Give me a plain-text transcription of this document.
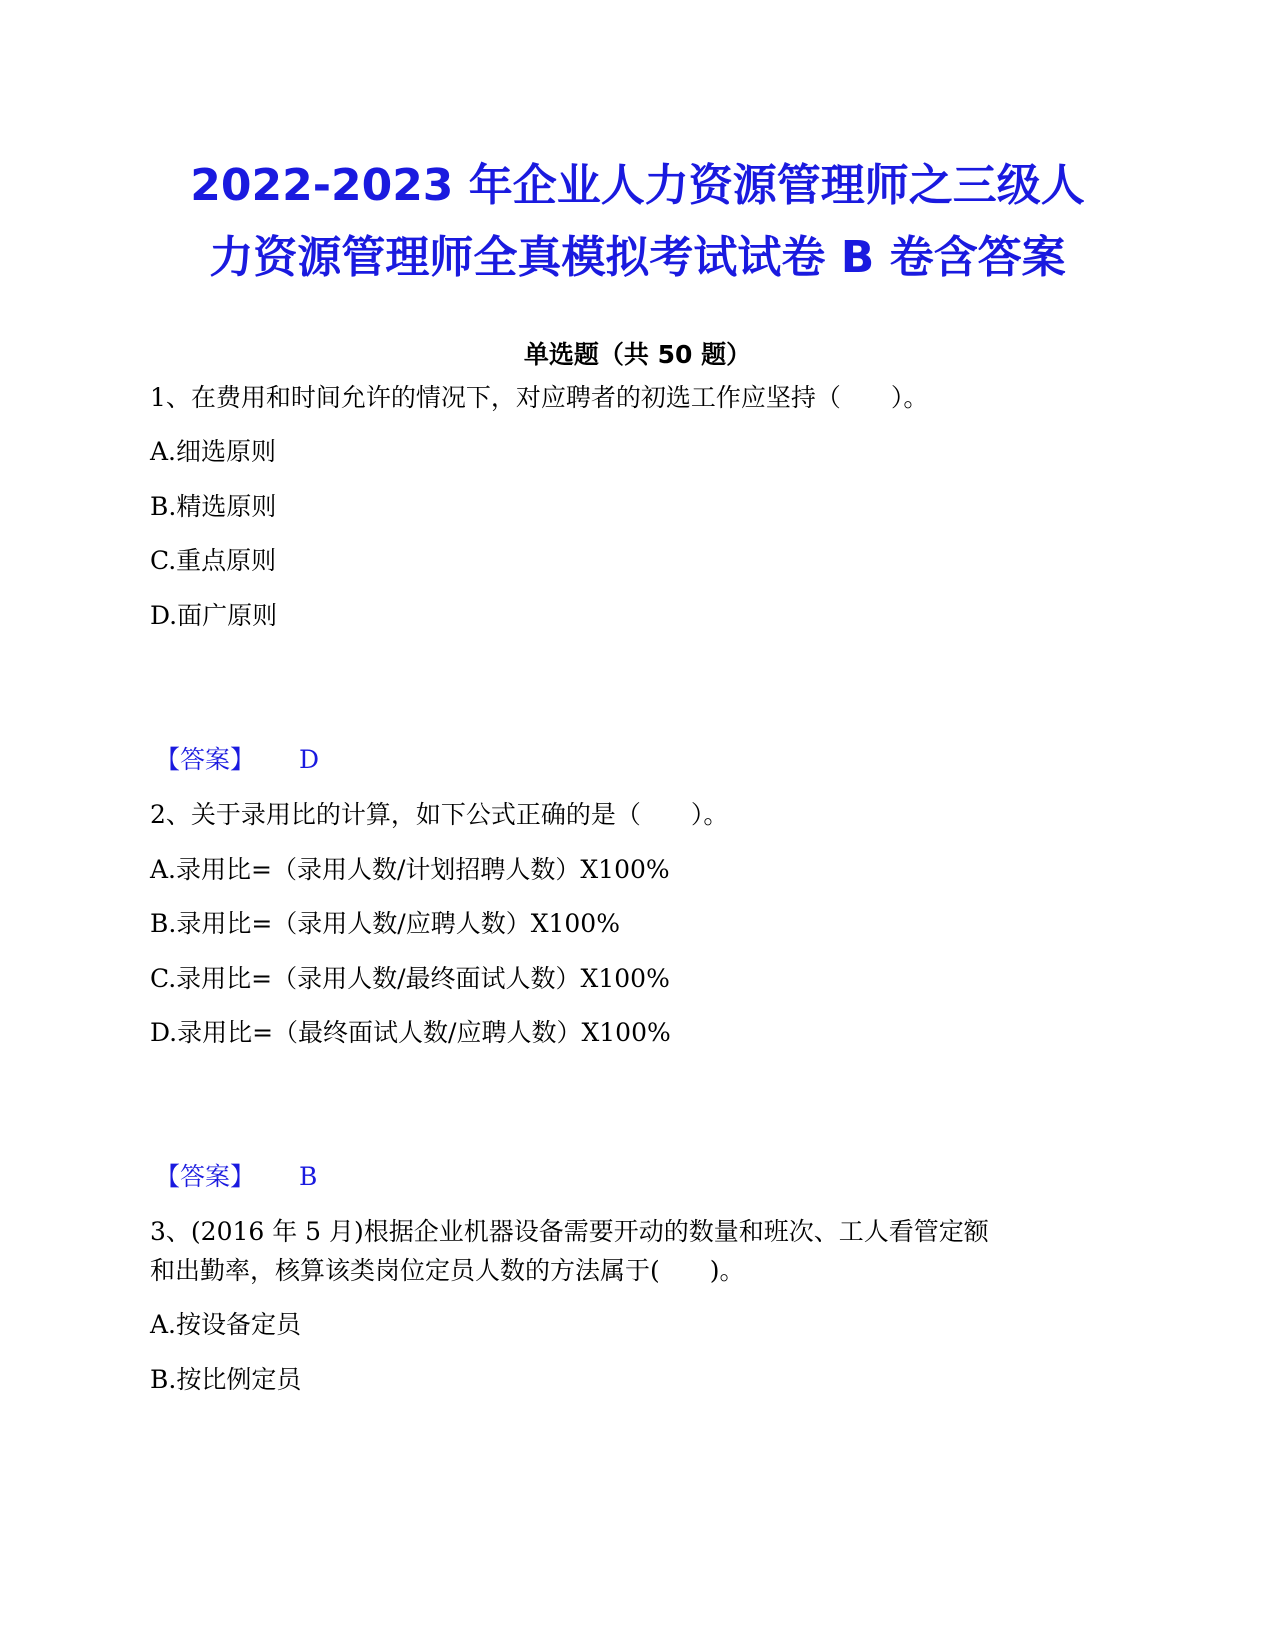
2022-2023 年企业人力资源管理师之三级人
力资源管理师全真模拟考试试卷 B 卷含答案
单选题（共 50 题）
1、在费用和时间允许的情况下，对应聘者的初选工作应坚持（　　）。
A.细选原则
B.精选原则
C.重点原则
D.面广原则
【答案】 D
2、关于录用比的计算，如下公式正确的是（　　）。
A.录用比=（录用人数/计划招聘人数）X100%
B.录用比=（录用人数/应聘人数）X100%
C.录用比=（录用人数/最终面试人数）X100%
D.录用比=（最终面试人数/应聘人数）X100%
【答案】 B
3、(2016 年 5 月)根据企业机器设备需要开动的数量和班次、工人看管定额
和出勤率，核算该类岗位定员人数的方法属于(　　)。
A.按设备定员
B.按比例定员
